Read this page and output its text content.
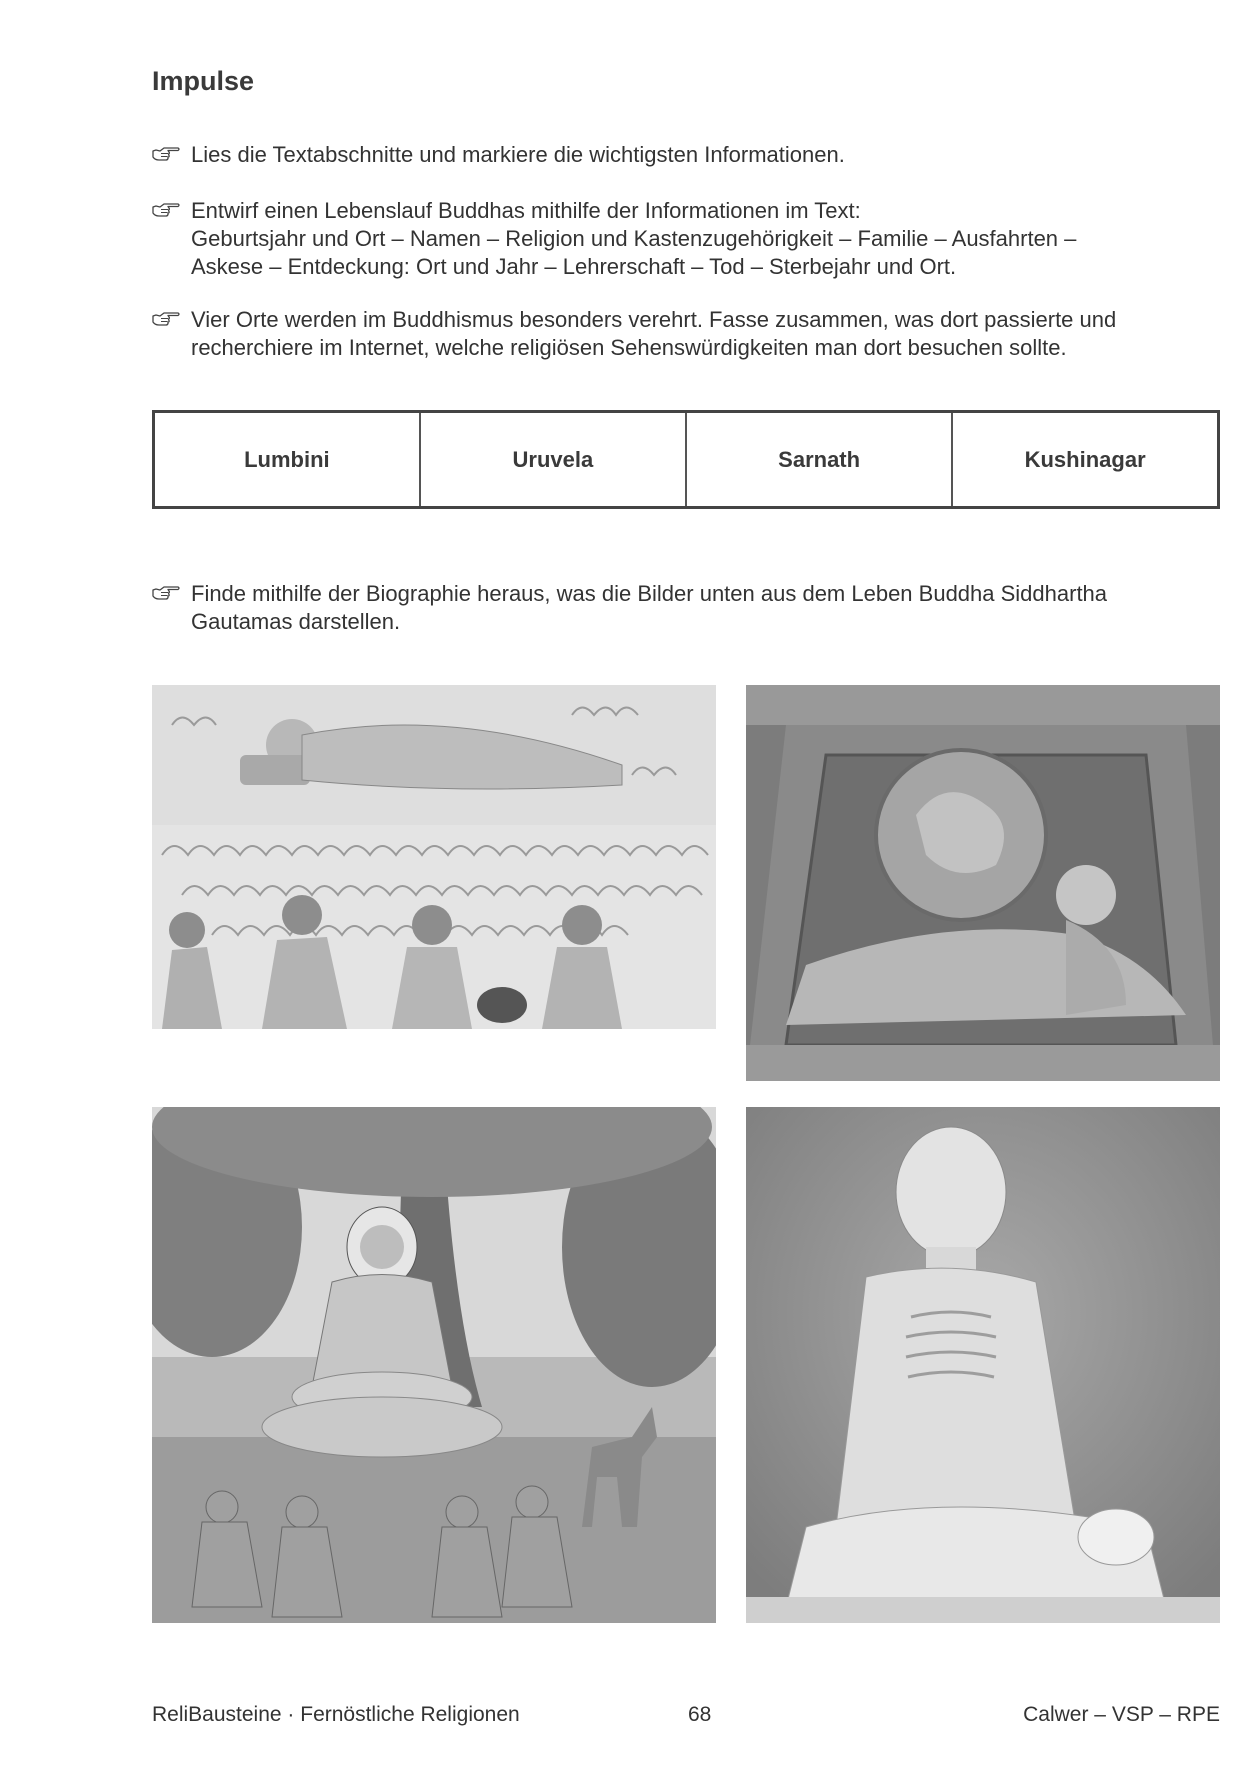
Impulse
Lies die Textabschnitte und markiere die wichtigsten Informationen.
Entwirf einen Lebenslauf Buddhas mithilfe der Informationen im Text:
Geburtsjahr und Ort – Namen – Religion und Kastenzugehörigkeit – Familie – Ausfahrten –
Askese – Entdeckung: Ort und Jahr – Lehrerschaft – Tod – Sterbejahr und Ort.
Vier Orte werden im Buddhismus besonders verehrt. Fasse zusammen, was dort passierte und
recherchiere im Internet, welche religiösen Sehenswürdigkeiten man dort besuchen sollte.
Lumbini	Uruvela	Sarnath	Kushinagar
Finde mithilfe der Biographie heraus, was die Bilder unten aus dem Leben Buddha Siddhartha
Gautamas darstellen.
ReliBausteine · Fernöstliche Religionen	68	Calwer – VSP – RPE
